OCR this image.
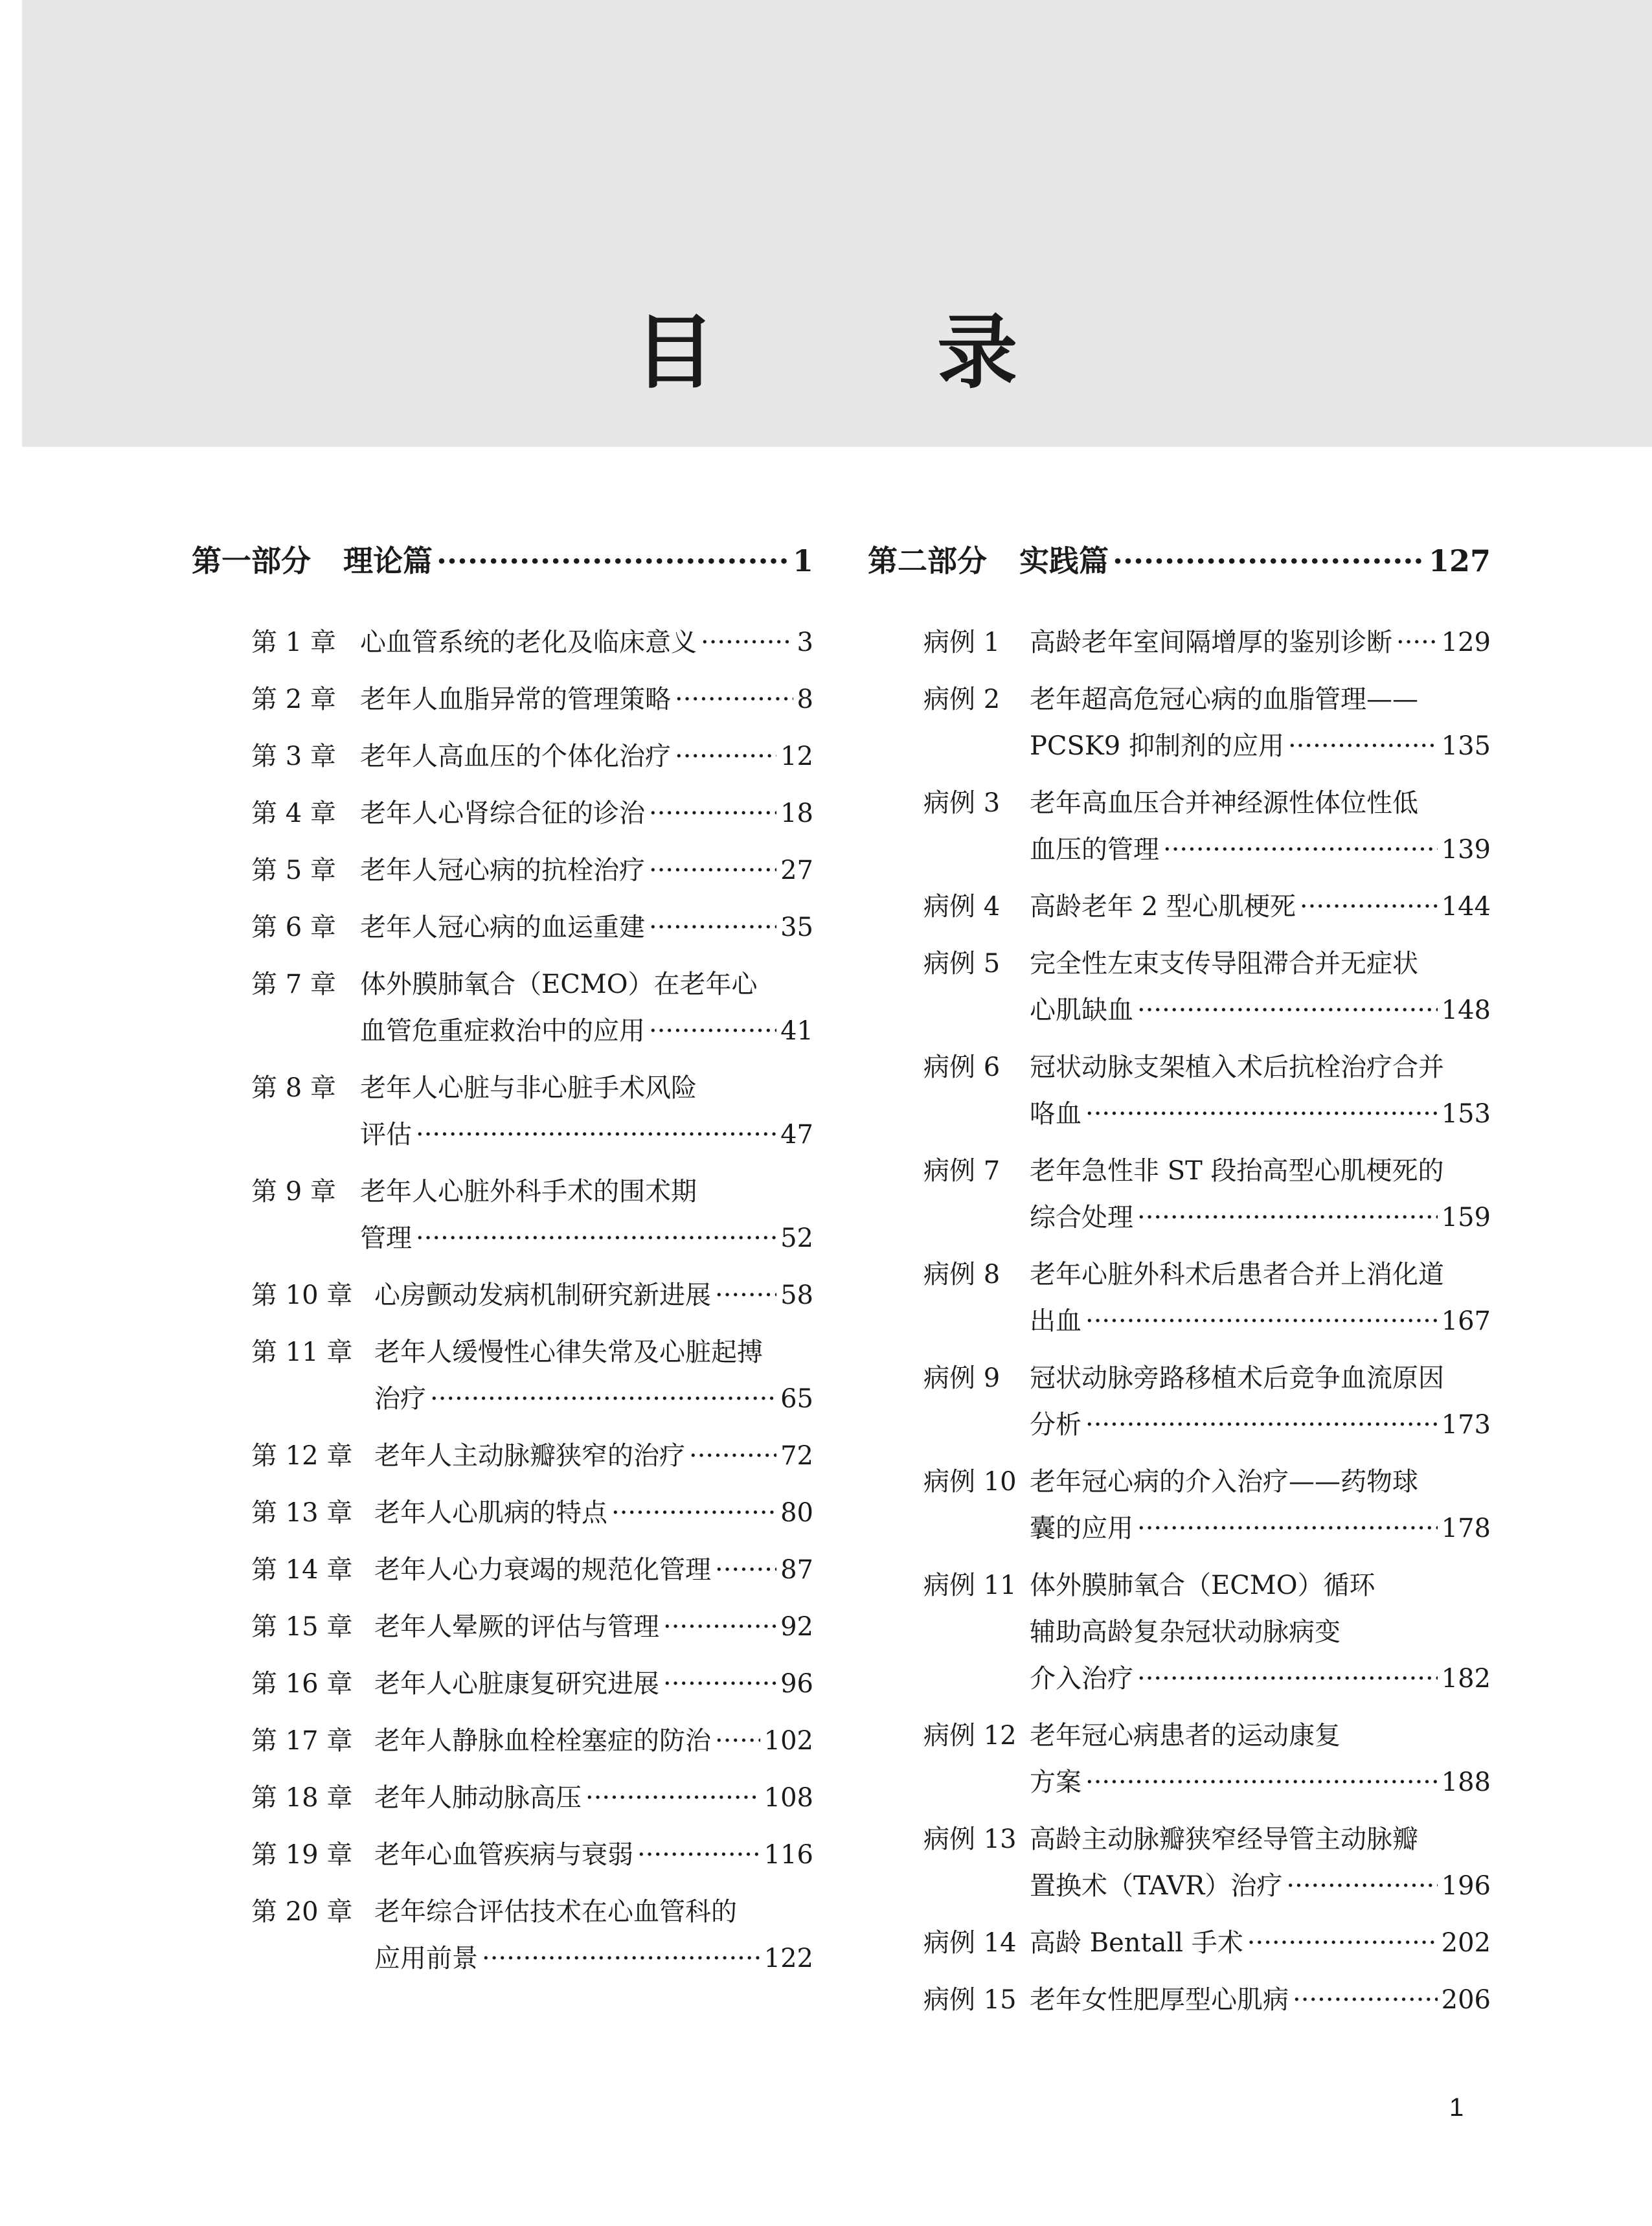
目 录
第一部分 理论篇 ·····	1
第 1 章 心血管系统的老化及临床意义 ·····	3
第 2 章 老年人血脂异常的管理策略 ·····	8
第 3 章 老年人高血压的个体化治疗 ·····	12
第 4 章 老年人心肾综合征的诊治 ·····	18
第 5 章 老年人冠心病的抗栓治疗 ·····	27
第 6 章 老年人冠心病的血运重建 ·····	35
第 7 章 体外膜肺氧合（ECMO）在老年心
血管危重症救治中的应用 ·····	41
第 8 章 老年人心脏与非心脏手术风险
评估 ·····	47
第 9 章 老年人心脏外科手术的围术期
管理 ·····	52
第 10 章 心房颤动发病机制研究新进展 ·····	58
第 11 章 老年人缓慢性心律失常及心脏起搏
治疗 ·····	65
第 12 章 老年人主动脉瓣狭窄的治疗 ·····	72
第 13 章 老年人心肌病的特点 ·····	80
第 14 章 老年人心力衰竭的规范化管理 ·····	87
第 15 章 老年人晕厥的评估与管理 ·····	92
第 16 章 老年人心脏康复研究进展 ·····	96
第 17 章 老年人静脉血栓栓塞症的防治 ····· 102
第 18 章 老年人肺动脉高压 ·····	108
第 19 章 老年心血管疾病与衰弱 ·····	116
第 20 章 老年综合评估技术在心血管科的
应用前景 ·····	122
第二部分 实践篇 ·····	127
病例 1	高龄老年室间隔增厚的鉴别诊断 ····· 129
病例 2	老年超高危冠心病的血脂管理——
PCSK9 抑制剂的应用 ·····	135
病例 3	老年高血压合并神经源性体位性低
血压的管理 ·····	139
病例 4	高龄老年 2 型心肌梗死 ·····	144
病例 5	完全性左束支传导阻滞合并无症状
心肌缺血 ·····	148
病例 6	冠状动脉支架植入术后抗栓治疗合并
咯血 ·····	153
病例 7	老年急性非 ST 段抬高型心肌梗死的
综合处理 ·····	159
病例 8	老年心脏外科术后患者合并上消化道
出血 ·····	167
病例 9	冠状动脉旁路移植术后竞争血流原因
分析 ·····	173
病例 10 老年冠心病的介入治疗——药物球
囊的应用 ·····	178
病例 11 体外膜肺氧合（ECMO）循环
辅助高龄复杂冠状动脉病变
介入治疗 ·····	182
病例 12 老年冠心病患者的运动康复
方案 ·····	188
病例 13 高龄主动脉瓣狭窄经导管主动脉瓣
置换术（TAVR）治疗 ·····	196
病例 14 高龄 Bentall 手术 ·····	202
病例 15 老年女性肥厚型心肌病 ·····	206
1
